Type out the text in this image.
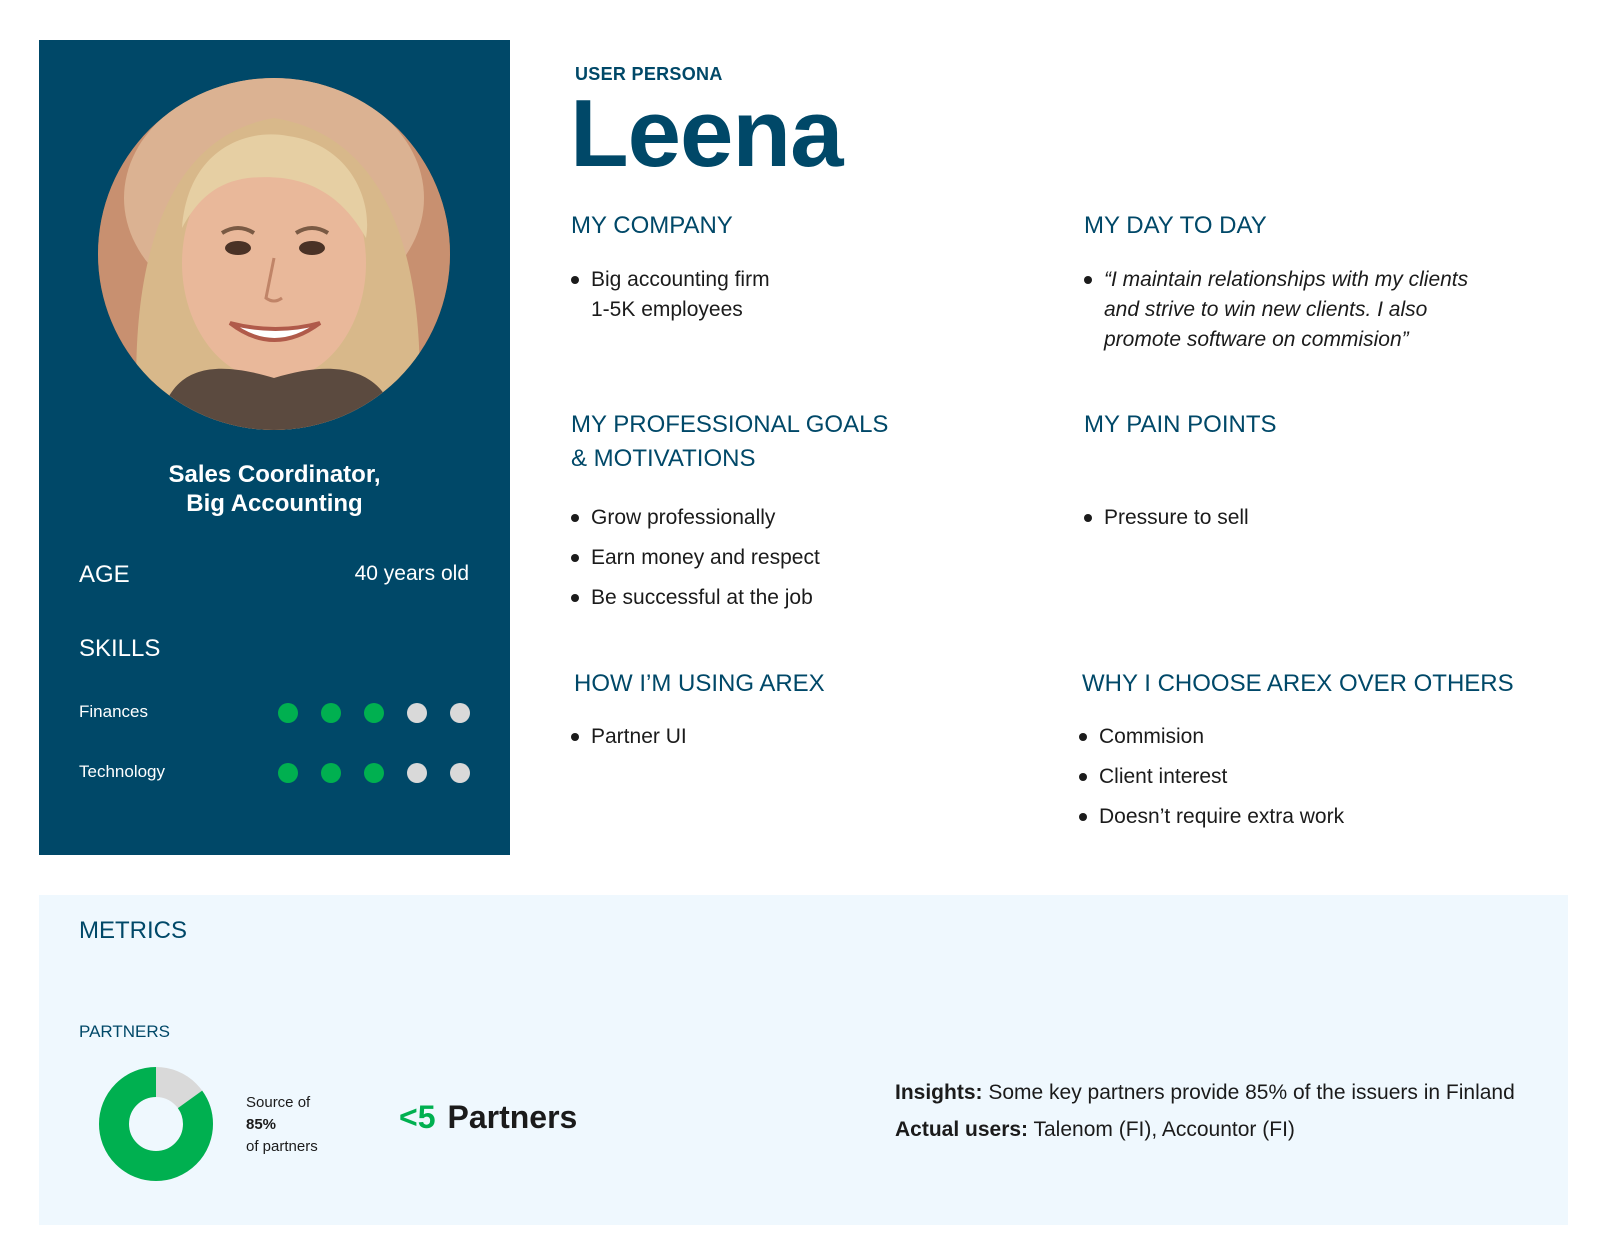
Sales Coordinator,
Big Accounting
AGE	40 years old
SKILLS
Finances
Technology
USER PERSONA
Leena
MY COMPANY
Big accounting firm
1-5K employees
MY DAY TO DAY
“I maintain relationships with my clients and strive to win new clients. I also promote software on commision”
MY PROFESSIONAL GOALS
& MOTIVATIONS
Grow professionally
Earn money and respect
Be successful at the job
MY PAIN POINTS
Pressure to sell
HOW I’M USING AREX
Partner UI
WHY I CHOOSE AREX OVER OTHERS
Commision
Client interest
Doesn’t require extra work
METRICS
PARTNERS
Source of
85%
of partners
<5 Partners

Insights: Some key partners provide 85% of the issuers in Finland

Actual users: Talenom (FI), Accountor (FI)
